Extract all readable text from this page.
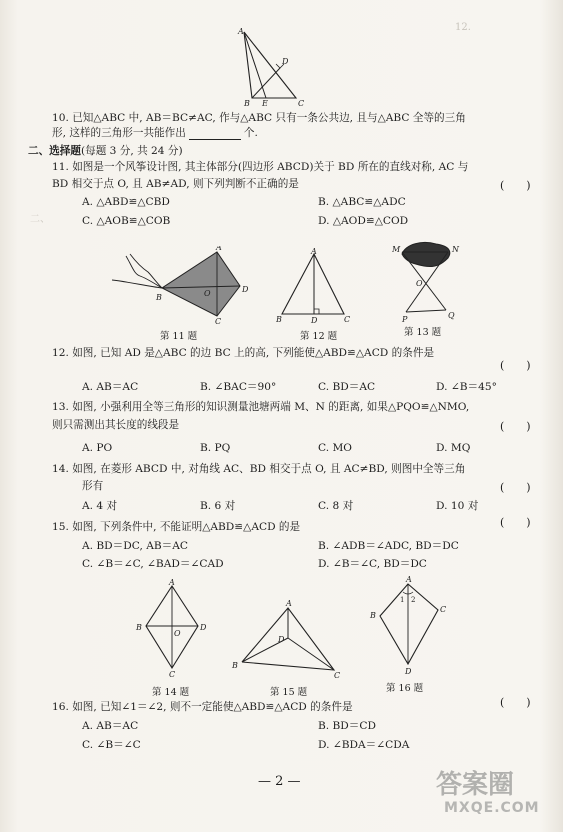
12.
二、
A
B E	C
D
10. 已知△ABC 中, AB＝BC≠AC, 作与△ABC 只有一条公共边, 且与△ABC 全等的三角
形, 这样的三角形一共能作出	个.
二、选择题(每题 3 分, 共 24 分)
11. 如图是一个风筝设计图, 其主体部分(四边形 ABCD)关于 BD 所在的直线对称, AC 与
BD 相交于点 O, 且 AB≠AD, 则下列判断不正确的是	(　　)
A. △ABD≌△CBD	B. △ABC≌△ADC
C. △AOB≌△COB	D. △AOD≌△COD
A
B
C
D
O
第 11 题
A
B	D	C
第 12 题
M	N
O
P	Q
第 13 题
12. 如图, 已知 AD 是△ABC 的边 BC 上的高, 下列能使△ABD≌△ACD 的条件是
(　　)
A. AB＝AC	B. ∠BAC＝90°	C. BD＝AC	D. ∠B＝45°
13. 如图, 小强利用全等三角形的知识测量池塘两端 M、N 的距离, 如果△PQO≌△NMO,
则只需测出其长度的线段是	(　　)
A. PO	B. PQ	C. MO	D. MQ
14. 如图, 在菱形 ABCD 中, 对角线 AC、BD 相交于点 O, 且 AC≠BD, 则图中全等三角
形有	(　　)
A. 4 对	B. 6 对	C. 8 对	D. 10 对
15. 如图, 下列条件中, 不能证明△ABD≌△ACD 的是	(　　)
A. BD＝DC, AB＝AC	B. ∠ADB＝∠ADC, BD＝DC
C. ∠B＝∠C, ∠BAD＝∠CAD	D. ∠B＝∠C, BD＝DC
A
B
C
D
O
第 14 题
A
B
D
C
第 15 题
A
B
C
D
1 2
第 16 题
16. 如图, 已知∠1＝∠2, 则不一定能使△ABD≌△ACD 的条件是	(　　)
A. AB＝AC	B. BD＝CD
C. ∠B＝∠C	D. ∠BDA＝∠CDA
— 2 —	答案圈
MXQE.COM
